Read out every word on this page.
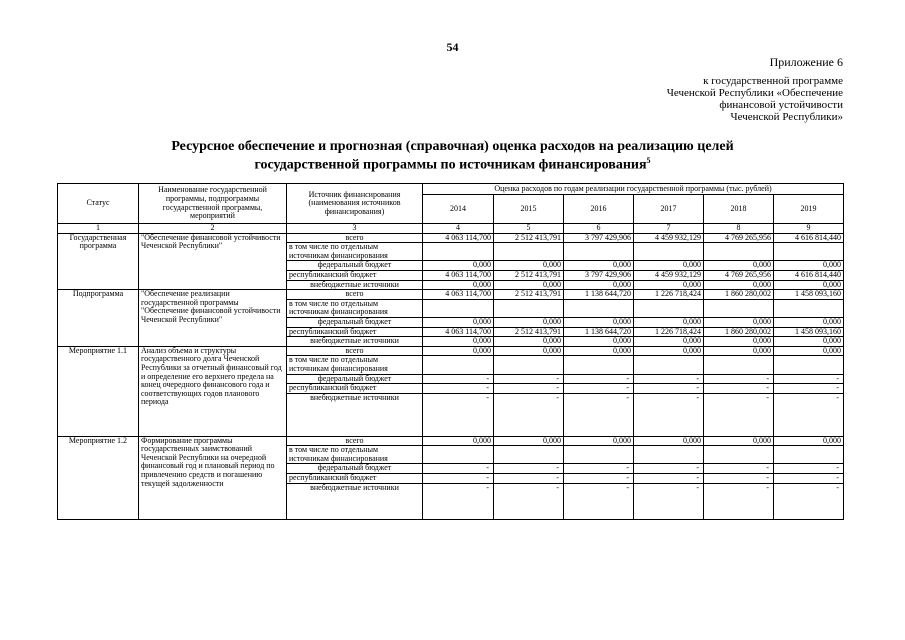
54
Приложение 6
к государственной программе
Чеченской Республики «Обеспечение
финансовой устойчивости
Чеченской Республики»
Ресурсное обеспечение и прогнозная (справочная) оценка расходов на реализацию целей
государственной программы по источникам финансирования$^5$
Статус	Наименование государственной программы, подпрограммы государственной программы, мероприятий	Источник финансирования (наименования источников финансирования)	Оценка расходов по годам реализации государственной программы (тыс. рублей)					
			2014	2015	2016	2017	2018	2019
1	2	3	4	5	6	7	8	9
Государственная программа	"Обеспечение финансовой устойчивости Чеченской Республики"	всего	4 063 114,700	2 512 413,791	3 797 429,906	4 459 932,129	4 769 265,956	4 616 814,440

		в том числе по отдельным
источникам финансирования						

		федеральный бюджет	0,000	0,000	0,000	0,000	0,000	0,000
		республиканский бюджет	4 063 114,700	2 512 413,791	3 797 429,906	4 459 932,129	4 769 265,956	4 616 814,440
		внебюджетные источники	0,000	0,000	0,000	0,000	0,000	0,000
Подпрограмма	"Обеспечение реализации государственной программы "Обеспечение финансовой устойчивости Чеченской Республики"	всего	4 063 114,700	2 512 413,791	1 138 644,720	1 226 718,424	1 860 280,002	1 458 093,160

		в том числе по отдельным
источникам финансирования						

		федеральный бюджет	0,000	0,000	0,000	0,000	0,000	0,000
		республиканский бюджет	4 063 114,700	2 512 413,791	1 138 644,720	1 226 718,424	1 860 280,002	1 458 093,160
		внебюджетные источники	0,000	0,000	0,000	0,000	0,000	0,000
Мероприятие 1.1	Анализ объема и структуры государственного долга Чеченской Республики за отчетный финансовый год и определение его верхнего предела на конец очередного финансового года и соответствующих годов планового периода	всего	0,000	0,000	0,000	0,000	0,000	0,000

		в том числе по отдельным
источникам финансирования						

		федеральный бюджет	-	-	-	-	-	-
		республиканский бюджет	-	-	-	-	-	-
		внебюджетные источники	-	-	-	-	-	-
Мероприятие 1.2	Формирование программы государственных заимствований Чеченской Республики на очередной финансовый год и плановый период по привлечению средств и погашению текущей задолженности	всего	0,000	0,000	0,000	0,000	0,000	0,000

		в том числе по отдельным
источникам финансирования						

		федеральный бюджет	-	-	-	-	-	-
		республиканский бюджет	-	-	-	-	-	-
		внебюджетные источники	-	-	-	-	-	-
